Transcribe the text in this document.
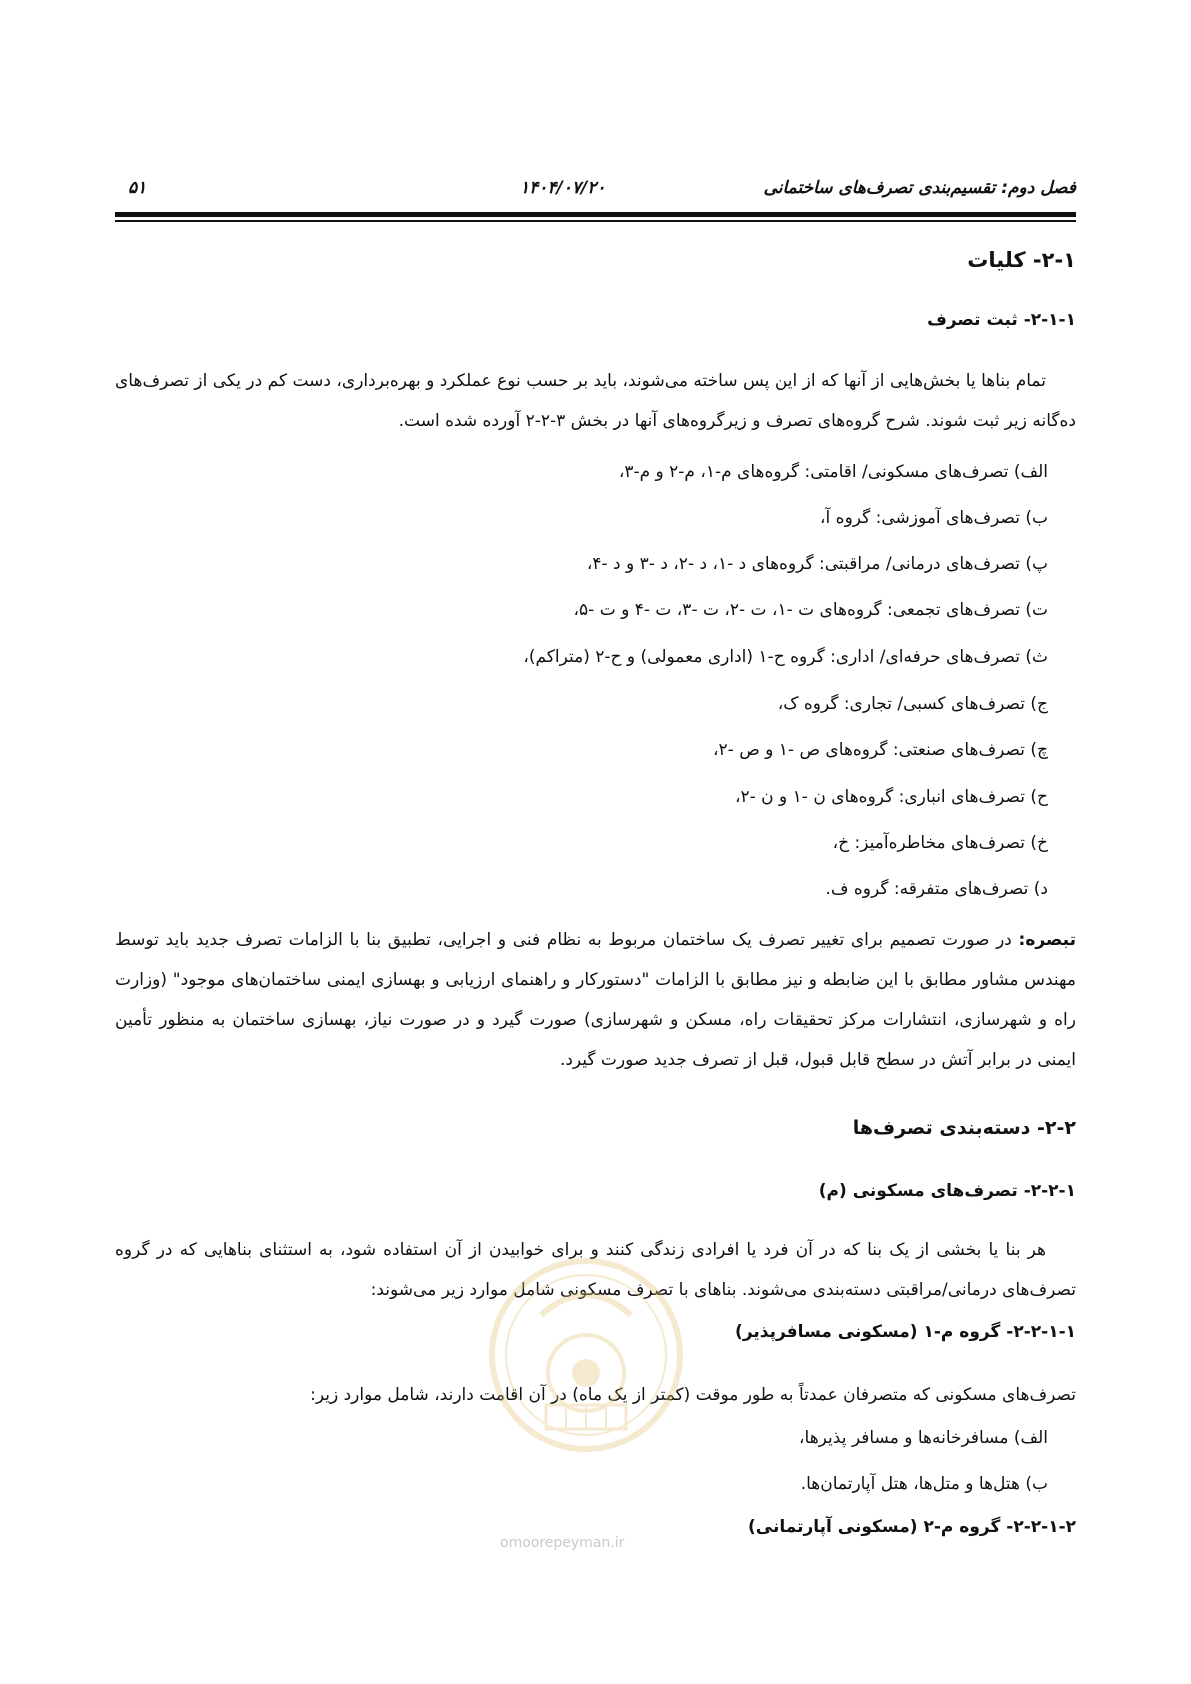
فصل دوم: تقسیم‌بندی تصرف‌های ساختمانی
۱۴۰۴/۰۷/۲۰
۵۱
۲-۱- کلیات
۲-۱-۱- ثبت تصرف
تمام بناها یا بخش‌هایی از آنها که از این پس ساخته می‌شوند، باید بر حسب نوع عملکرد و بهره‌برداری، دست کم در یکی از تصرف‌های ده‌گانه زیر ثبت شوند. شرح گروه‌های تصرف و زیرگروه‌های آنها در بخش ۳-۲-۲ آورده شده است.
الف) تصرف‌های مسکونی/ اقامتی: گروه‌های م-۱، م-۲ و م-۳،
ب) تصرف‌های آموزشی: گروه آ،
پ) تصرف‌های درمانی/ مراقبتی: گروه‌های د -۱، د -۲، د -۳ و د -۴،
ت) تصرف‌های تجمعی: گروه‌های ت -۱، ت -۲، ت -۳، ت -۴ و ت -۵،
ث) تصرف‌های حرفه‌ای/ اداری: گروه ح-۱ (اداری معمولی) و ح-۲ (متراکم)،
ج) تصرف‌های کسبی/ تجاری: گروه ک،
چ) تصرف‌های صنعتی: گروه‌های ص -۱ و ص -۲،
ح) تصرف‌های انباری: گروه‌های ن -۱ و ن -۲،
خ) تصرف‌های مخاطره‌آمیز: خ،
د) تصرف‌های متفرقه: گروه ف.
تبصره: در صورت تصمیم برای تغییر تصرف یک ساختمان مربوط به نظام فنی و اجرایی، تطبیق بنا با الزامات تصرف جدید باید توسط مهندس مشاور مطابق با این ضابطه و نیز مطابق با الزامات "دستورکار و راهنمای ارزیابی و بهسازی ایمنی ساختمان‌های موجود" (وزارت راه و شهرسازی، انتشارات مرکز تحقیقات راه، مسکن و شهرسازی) صورت گیرد و در صورت نیاز، بهسازی ساختمان به منظور تأمین ایمنی در برابر آتش در سطح قابل قبول، قبل از تصرف جدید صورت گیرد.
۲-۲- دسته‌بندی تصرف‌ها
۲-۲-۱- تصرف‌های مسکونی (م)
هر بنا یا بخشی از یک بنا که در آن فرد یا افرادی زندگی کنند و برای خوابیدن از آن استفاده شود، به استثنای بناهایی که در گروه تصرف‌های درمانی/مراقبتی دسته‌بندی می‌شوند. بناهای با تصرف مسکونی شامل موارد زیر می‌شوند:
۲-۲-۱-۱- گروه م-۱ (مسکونی مسافرپذیر)
تصرف‌های مسکونی که متصرفان عمدتاً به طور موقت (کمتر از یک ماه) در آن اقامت دارند، شامل موارد زیر:
الف) مسافرخانه‌ها و مسافر پذیرها،
ب) هتل‌ها و متل‌ها، هتل آپارتمان‌ها.
۲-۲-۱-۲- گروه م-۲ (مسکونی آپارتمانی)
omoorepeyman.ir
